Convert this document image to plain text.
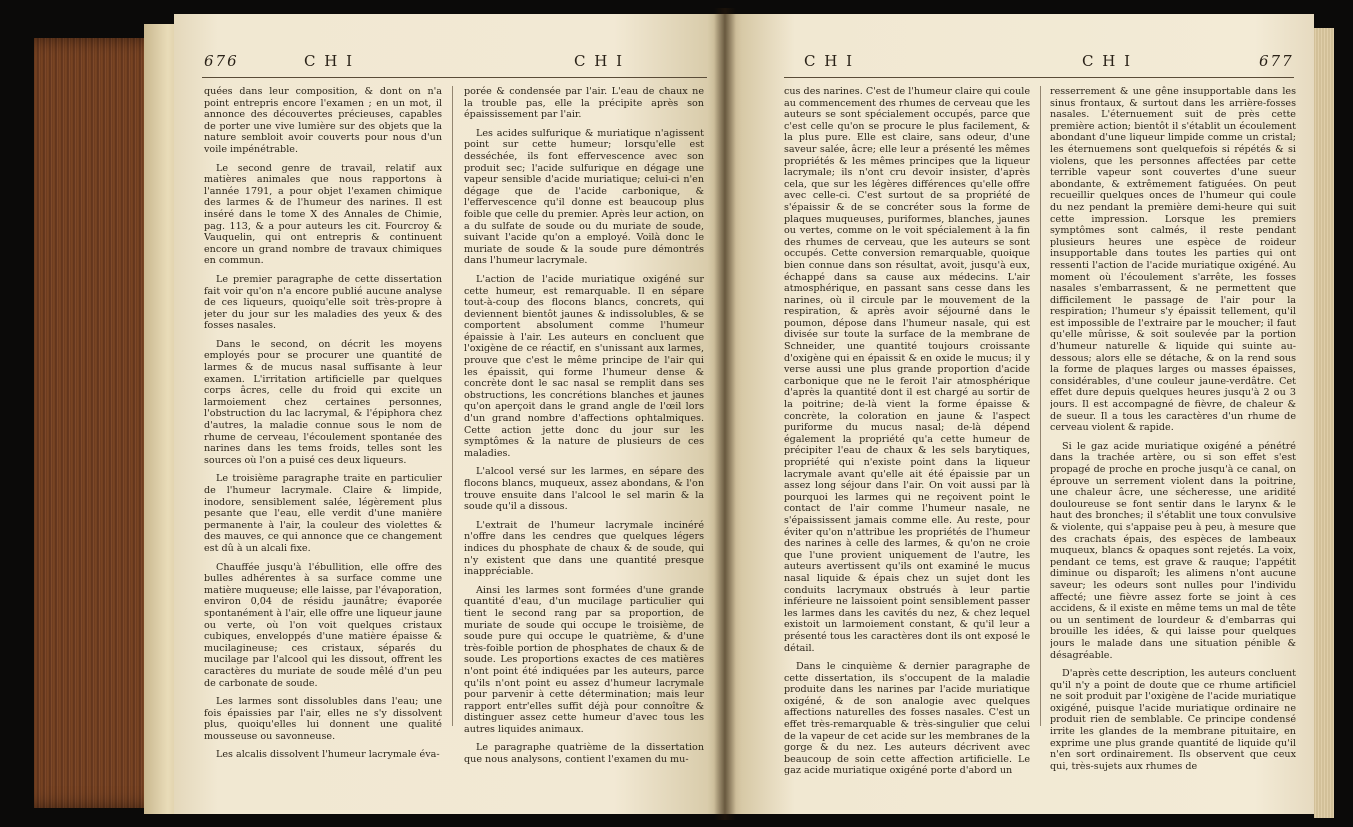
676	C H I	C H I

quées dans leur composition, & dont on n'a point entrepris encore l'examen ; en un mot, il annonce des découvertes précieuses, capables de porter une vive lumière sur des objets que la nature sembloit avoir couverts pour nous d'un voile impénétrable.

Le second genre de travail, relatif aux matières animales que nous rapportons à l'année 1791, a pour objet l'examen chimique des larmes & de l'humeur des narines. Il est inséré dans le tome X des Annales de Chimie, pag. 113, & a pour auteurs les cit. Fourcroy & Vauquelin, qui ont entrepris & continuent encore un grand nombre de travaux chimiques en commun.

Le premier paragraphe de cette dissertation fait voir qu'on n'a encore publié aucune analyse de ces liqueurs, quoiqu'elle soit très-propre à jeter du jour sur les maladies des yeux & des fosses nasales.

Dans le second, on décrit les moyens employés pour se procurer une quantité de larmes & de mucus nasal suffisante à leur examen. L'irritation artificielle par quelques corps âcres, celle du froid qui excite un larmoiement chez certaines personnes, l'obstruction du lac lacrymal, & l'épiphora chez d'autres, la maladie connue sous le nom de rhume de cerveau, l'écoulement spontanée des narines dans les tems froids, telles sont les sources où l'on a puisé ces deux liqueurs.

Le troisième paragraphe traite en particulier de l'humeur lacrymale. Claire & limpide, inodore, sensiblement salée, légèrement plus pesante que l'eau, elle verdit d'une manière permanente à l'air, la couleur des violettes & des mauves, ce qui annonce que ce changement est dû à un alcali fixe.

Chauffée jusqu'à l'ébullition, elle offre des bulles adhérentes à sa surface comme une matière muqueuse; elle laisse, par l'évaporation, environ 0,04 de résidu jaunâtre; évaporée spontanément à l'air, elle offre une liqueur jaune ou verte, où l'on voit quelques cristaux cubiques, enveloppés d'une matière épaisse & mucilagineuse; ces cristaux, séparés du mucilage par l'alcool qui les dissout, offrent les caractères du muriate de soude mêlé d'un peu de carbonate de soude.

Les larmes sont dissolubles dans l'eau; une fois épaissies par l'air, elles ne s'y dissolvent plus, quoiqu'elles lui donnent une qualité mousseuse ou savonneuse.

Les alcalis dissolvent l'humeur lacrymale éva-

porée & condensée par l'air. L'eau de chaux ne la trouble pas, elle la précipite après son épaississement par l'air.

Les acides sulfurique & muriatique n'agissent point sur cette humeur; lorsqu'elle est desséchée, ils font effervescence avec son produit sec; l'acide sulfurique en dégage une vapeur sensible d'acide muriatique; celui-ci n'en dégage que de l'acide carbonique, & l'effervescence qu'il donne est beaucoup plus foible que celle du premier. Après leur action, on a du sulfate de soude ou du muriate de soude, suivant l'acide qu'on a employé. Voilà donc le muriate de soude & la soude pure démontrés dans l'humeur lacrymale.

L'action de l'acide muriatique oxigéné sur cette humeur, est remarquable. Il en sépare tout-à-coup des flocons blancs, concrets, qui deviennent bientôt jaunes & indissolubles, & se comportent absolument comme l'humeur épaissie à l'air. Les auteurs en concluent que l'oxigène de ce réactif, en s'unissant aux larmes, prouve que c'est le même principe de l'air qui les épaissit, qui forme l'humeur dense & concrète dont le sac nasal se remplit dans ses obstructions, les concrétions blanches et jaunes qu'on aperçoit dans le grand angle de l'œil lors d'un grand nombre d'affections ophtalmiques. Cette action jette donc du jour sur les symptômes & la nature de plusieurs de ces maladies.

L'alcool versé sur les larmes, en sépare des flocons blancs, muqueux, assez abondans, & l'on trouve ensuite dans l'alcool le sel marin & la soude qu'il a dissous.

L'extrait de l'humeur lacrymale incinéré n'offre dans les cendres que quelques légers indices du phosphate de chaux & de soude, qui n'y existent que dans une quantité presque inappréciable.

Ainsi les larmes sont formées d'une grande quantité d'eau, d'un mucilage particulier qui tient le second rang par sa proportion, de muriate de soude qui occupe le troisième, de soude pure qui occupe le quatrième, & d'une très-foible portion de phosphates de chaux & de soude. Les proportions exactes de ces matières n'ont point été indiquées par les auteurs, parce qu'ils n'ont point eu assez d'humeur lacrymale pour parvenir à cette détermination; mais leur rapport entr'elles suffit déjà pour connoître & distinguer assez cette humeur d'avec tous les autres liquides animaux.

Le paragraphe quatrième de la dissertation que nous analysons, contient l'examen du mu-

C H I	C H I	677

cus des narines. C'est de l'humeur claire qui coule au commencement des rhumes de cerveau que les auteurs se sont spécialement occupés, parce que c'est celle qu'on se procure le plus facilement, & la plus pure. Elle est claire, sans odeur, d'une saveur salée, âcre; elle leur a présenté les mêmes propriétés & les mêmes principes que la liqueur lacrymale; ils n'ont cru devoir insister, d'après cela, que sur les légères différences qu'elle offre avec celle-ci. C'est surtout de sa propriété de s'épaissir & de se concréter sous la forme de plaques muqueuses, puriformes, blanches, jaunes ou vertes, comme on le voit spécialement à la fin des rhumes de cerveau, que les auteurs se sont occupés. Cette conversion remarquable, quoique bien connue dans son résultat, avoit, jusqu'à eux, échappé dans sa cause aux médecins. L'air atmosphérique, en passant sans cesse dans les narines, où il circule par le mouvement de la respiration, & après avoir séjourné dans le poumon, dépose dans l'humeur nasale, qui est divisée sur toute la surface de la membrane de Schneider, une quantité toujours croissante d'oxigène qui en épaissit & en oxide le mucus; il y verse aussi une plus grande proportion d'acide carbonique que ne le feroit l'air atmosphérique d'après la quantité dont il est chargé au sortir de la poitrine; de-là vient la forme épaisse & concrète, la coloration en jaune & l'aspect puriforme du mucus nasal; de-là dépend également la propriété qu'a cette humeur de précipiter l'eau de chaux & les sels barytiques, propriété qui n'existe point dans la liqueur lacrymale avant qu'elle ait été épaissie par un assez long séjour dans l'air. On voit aussi par là pourquoi les larmes qui ne reçoivent point le contact de l'air comme l'humeur nasale, ne s'épaississent jamais comme elle. Au reste, pour éviter qu'on n'attribue les propriétés de l'humeur des narines à celle des larmes, & qu'on ne croie que l'une provient uniquement de l'autre, les auteurs avertissent qu'ils ont examiné le mucus nasal liquide & épais chez un sujet dont les conduits lacrymaux obstrués à leur partie inférieure ne laissoient point sensiblement passer les larmes dans les cavités du nez, & chez lequel existoit un larmoiement constant, & qu'il leur a présenté tous les caractères dont ils ont exposé le détail.

Dans le cinquième & dernier paragraphe de cette dissertation, ils s'occupent de la maladie produite dans les narines par l'acide muriatique oxigéné, & de son analogie avec quelques affections naturelles des fosses nasales. C'est un effet très-remarquable & très-singulier que celui de la vapeur de cet acide sur les membranes de la gorge & du nez. Les auteurs décrivent avec beaucoup de soin cette affection artificielle. Le gaz acide muriatique oxigéné porte d'abord un

resserrement & une gêne insupportable dans les sinus frontaux, & surtout dans les arrière-fosses nasales. L'éternuement suit de près cette première action; bientôt il s'établit un écoulement abondant d'une liqueur limpide comme un cristal; les éternuemens sont quelquefois si répétés & si violens, que les personnes affectées par cette terrible vapeur sont couvertes d'une sueur abondante, & extrêmement fatiguées. On peut recueillir quelques onces de l'humeur qui coule du nez pendant la première demi-heure qui suit cette impression. Lorsque les premiers symptômes sont calmés, il reste pendant plusieurs heures une espèce de roideur insupportable dans toutes les parties qui ont ressenti l'action de l'acide muriatique oxigéné. Au moment où l'écoulement s'arrête, les fosses nasales s'embarrassent, & ne permettent que difficilement le passage de l'air pour la respiration; l'humeur s'y épaissit tellement, qu'il est impossible de l'extraire par le moucher; il faut qu'elle mûrisse, & soit soulevée par la portion d'humeur naturelle & liquide qui suinte au-dessous; alors elle se détache, & on la rend sous la forme de plaques larges ou masses épaisses, considérables, d'une couleur jaune-verdâtre. Cet effet dure depuis quelques heures jusqu'à 2 ou 3 jours. Il est accompagné de fièvre, de chaleur & de sueur. Il a tous les caractères d'un rhume de cerveau violent & rapide.

Si le gaz acide muriatique oxigéné a pénétré dans la trachée artère, ou si son effet s'est propagé de proche en proche jusqu'à ce canal, on éprouve un serrement violent dans la poitrine, une chaleur âcre, une sécheresse, une aridité douloureuse se font sentir dans le larynx & le haut des bronches; il s'établit une toux convulsive & violente, qui s'appaise peu à peu, à mesure que des crachats épais, des espèces de lambeaux muqueux, blancs & opaques sont rejetés. La voix, pendant ce tems, est grave & rauque; l'appétit diminue ou disparoît; les alimens n'ont aucune saveur; les odeurs sont nulles pour l'individu affecté; une fièvre assez forte se joint à ces accidens, & il existe en même tems un mal de tête ou un sentiment de lourdeur & d'embarras qui brouille les idées, & qui laisse pour quelques jours le malade dans une situation pénible & désagréable.

D'après cette description, les auteurs concluent qu'il n'y a point de doute que ce rhume artificiel ne soit produit par l'oxigène de l'acide muriatique oxigéné, puisque l'acide muriatique ordinaire ne produit rien de semblable. Ce principe condensé irrite les glandes de la membrane pituitaire, en exprime une plus grande quantité de liquide qu'il n'en sort ordinairement. Ils observent que ceux qui, très-sujets aux rhumes de
